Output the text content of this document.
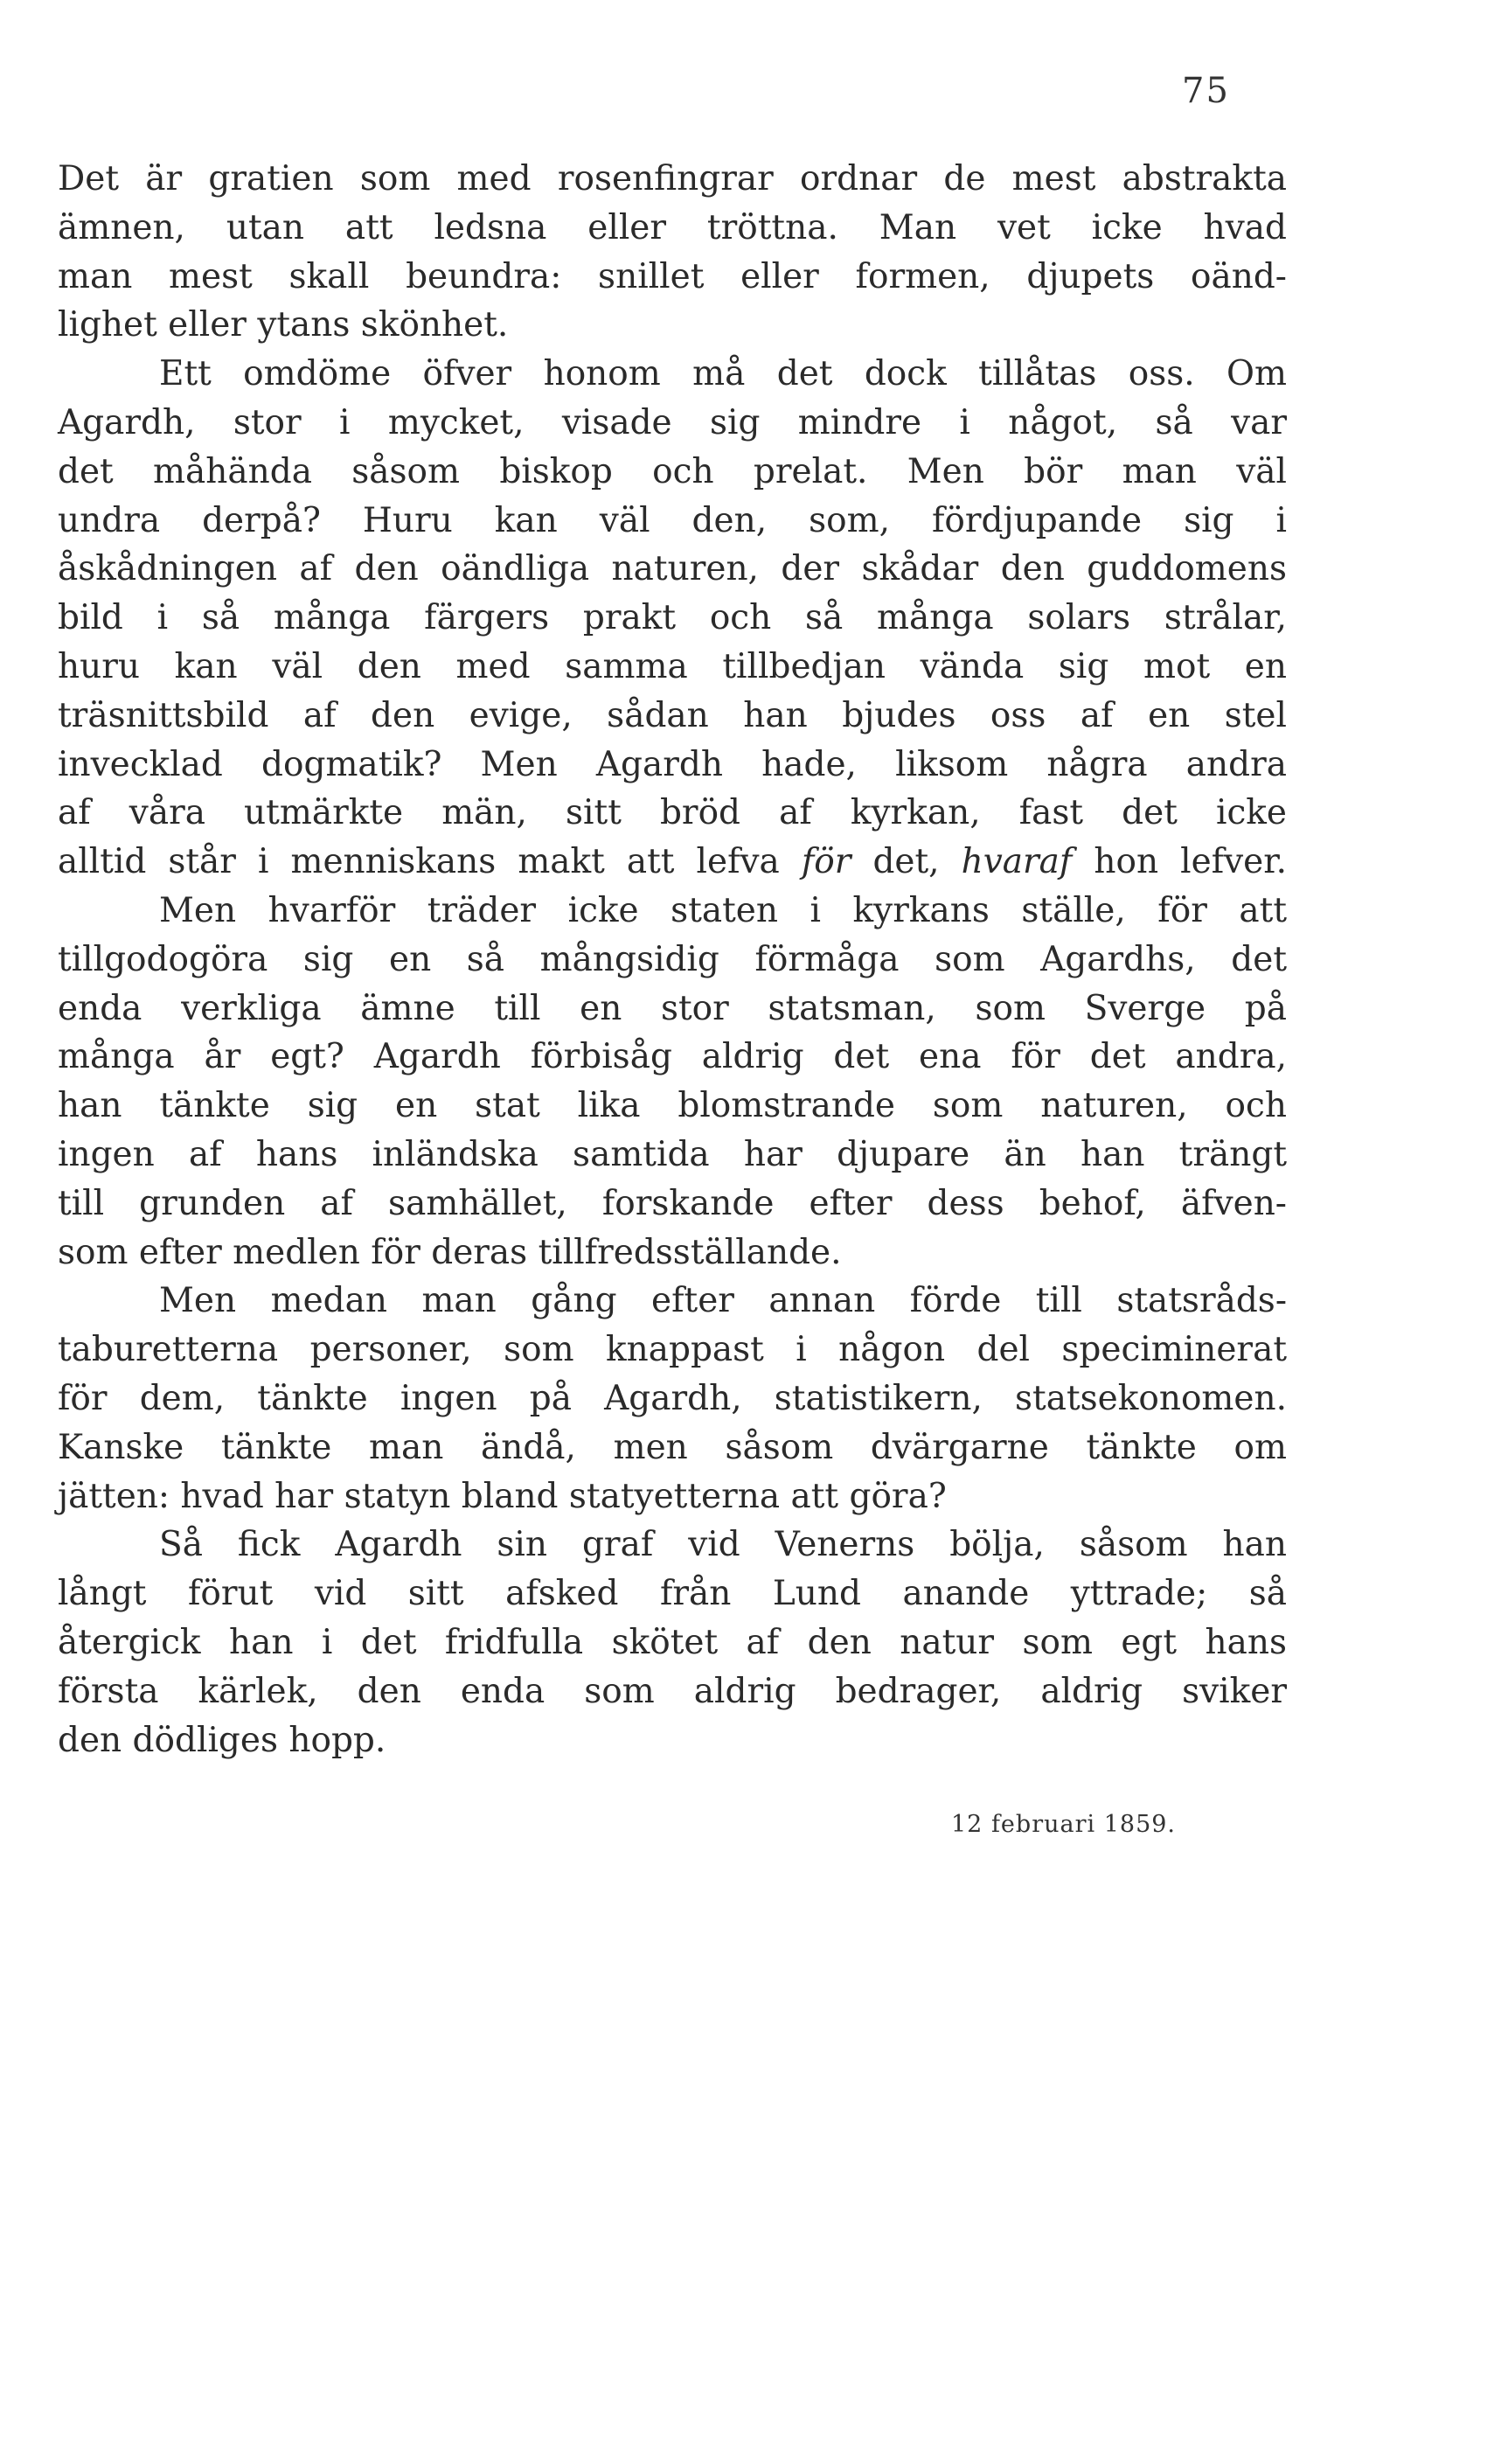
75
Det är gratien som med rosenfingrar ordnar de mest abstrakta
ämnen, utan att ledsna eller tröttna. Man vet icke hvad
man mest skall beundra: snillet eller formen, djupets oänd-
lighet eller ytans skönhet.
Ett omdöme öfver honom må det dock tillåtas oss. Om
Agardh, stor i mycket, visade sig mindre i något, så var
det måhända såsom biskop och prelat. Men bör man väl
undra derpå? Huru kan väl den, som, fördjupande sig i
åskådningen af den oändliga naturen, der skådar den guddomens
bild i så många färgers prakt och så många solars strålar,
huru kan väl den med samma tillbedjan vända sig mot en
träsnittsbild af den evige, sådan han bjudes oss af en stel
invecklad dogmatik? Men Agardh hade, liksom några andra
af våra utmärkte män, sitt bröd af kyrkan, fast det icke
alltid står i menniskans makt att lefva för det, hvaraf hon lefver.
Men hvarför träder icke staten i kyrkans ställe, för att
tillgodogöra sig en så mångsidig förmåga som Agardhs, det
enda verkliga ämne till en stor statsman, som Sverge på
många år egt? Agardh förbisåg aldrig det ena för det andra,
han tänkte sig en stat lika blomstrande som naturen, och
ingen af hans inländska samtida har djupare än han trängt
till grunden af samhället, forskande efter dess behof, äfven-
som efter medlen för deras tillfredsställande.
Men medan man gång efter annan förde till statsråds-
taburetterna personer, som knappast i någon del speciminerat
för dem, tänkte ingen på Agardh, statistikern, statsekonomen.
Kanske tänkte man ändå, men såsom dvärgarne tänkte om
jätten: hvad har statyn bland statyetterna att göra?
Så fick Agardh sin graf vid Venerns bölja, såsom han
långt förut vid sitt afsked från Lund anande yttrade; så
återgick han i det fridfulla skötet af den natur som egt hans
första kärlek, den enda som aldrig bedrager, aldrig sviker
den dödliges hopp.
12 februari 1859.
